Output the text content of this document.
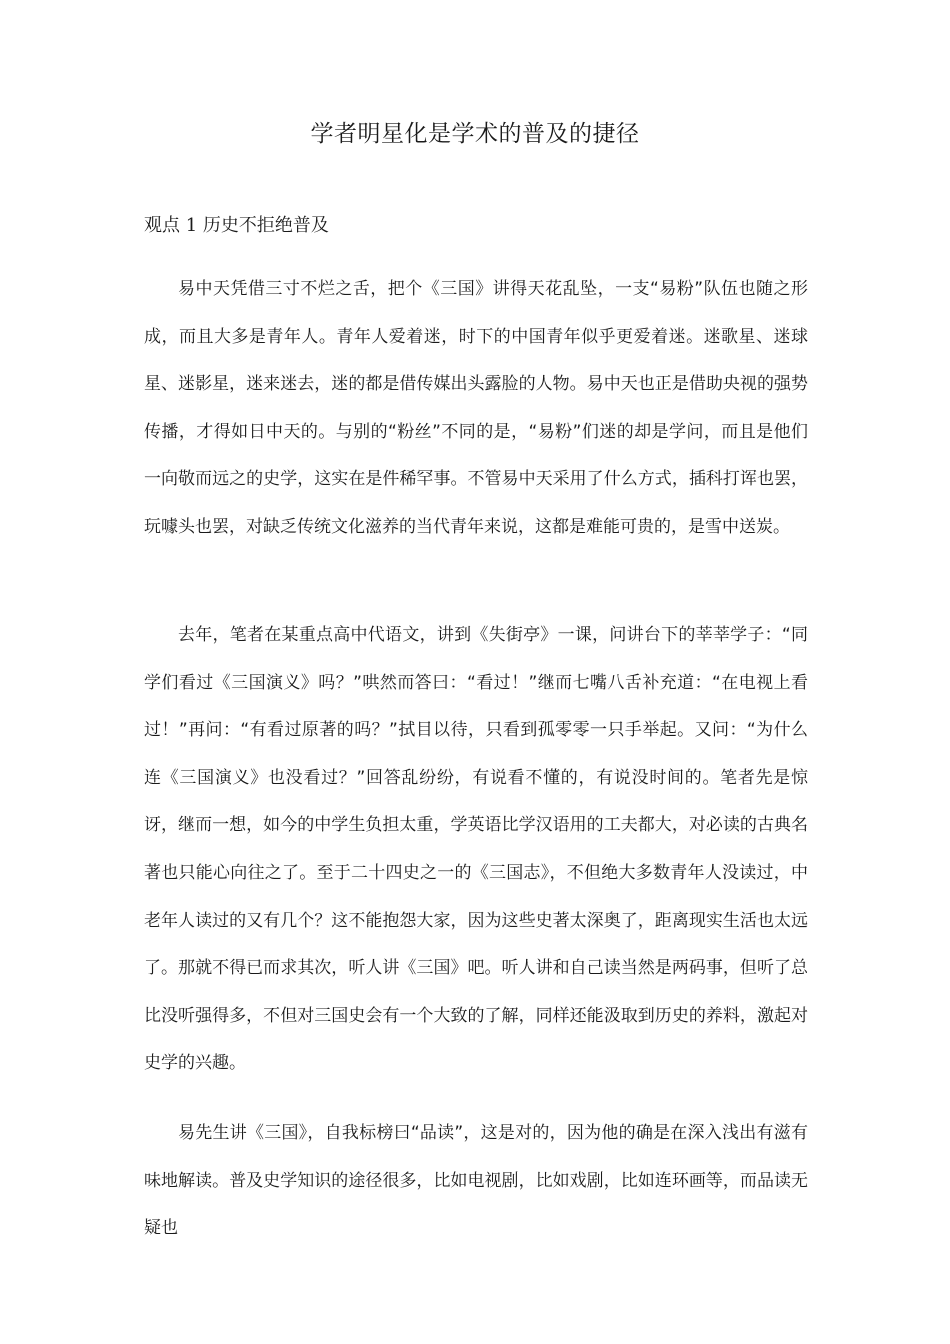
学者明星化是学术的普及的捷径
观点 1 历史不拒绝普及

易中天凭借三寸不烂之舌，把个《三国》讲得天花乱坠，一支“易粉”队伍也随之形成，而且大多是青年人。青年人爱着迷，时下的中国青年似乎更爱着迷。迷歌星、迷球星、迷影星，迷来迷去，迷的都是借传媒出头露脸的人物。易中天也正是借助央视的强势传播，才得如日中天的。与别的“粉丝”不同的是，“易粉”们迷的却是学问，而且是他们一向敬而远之的史学，这实在是件稀罕事。不管易中天采用了什么方式，插科打诨也罢，玩噱头也罢，对缺乏传统文化滋养的当代青年来说，这都是难能可贵的，是雪中送炭。

去年，笔者在某重点高中代语文，讲到《失街亭》一课，问讲台下的莘莘学子：“同学们看过《三国演义》吗？”哄然而答曰：“看过！”继而七嘴八舌补充道：“在电视上看过！”再问：“有看过原著的吗？”拭目以待，只看到孤零零一只手举起。又问：“为什么连《三国演义》也没看过？”回答乱纷纷，有说看不懂的，有说没时间的。笔者先是惊讶，继而一想，如今的中学生负担太重，学英语比学汉语用的工夫都大，对必读的古典名著也只能心向往之了。至于二十四史之一的《三国志》，不但绝大多数青年人没读过，中老年人读过的又有几个？这不能抱怨大家，因为这些史著太深奥了，距离现实生活也太远了。那就不得已而求其次，听人讲《三国》吧。听人讲和自己读当然是两码事，但听了总比没听强得多，不但对三国史会有一个大致的了解，同样还能汲取到历史的养料，激起对史学的兴趣。

易先生讲《三国》，自我标榜曰“品读”，这是对的，因为他的确是在深入浅出有滋有味地解读。普及史学知识的途径很多，比如电视剧，比如戏剧，比如连环画等，而品读无疑也
